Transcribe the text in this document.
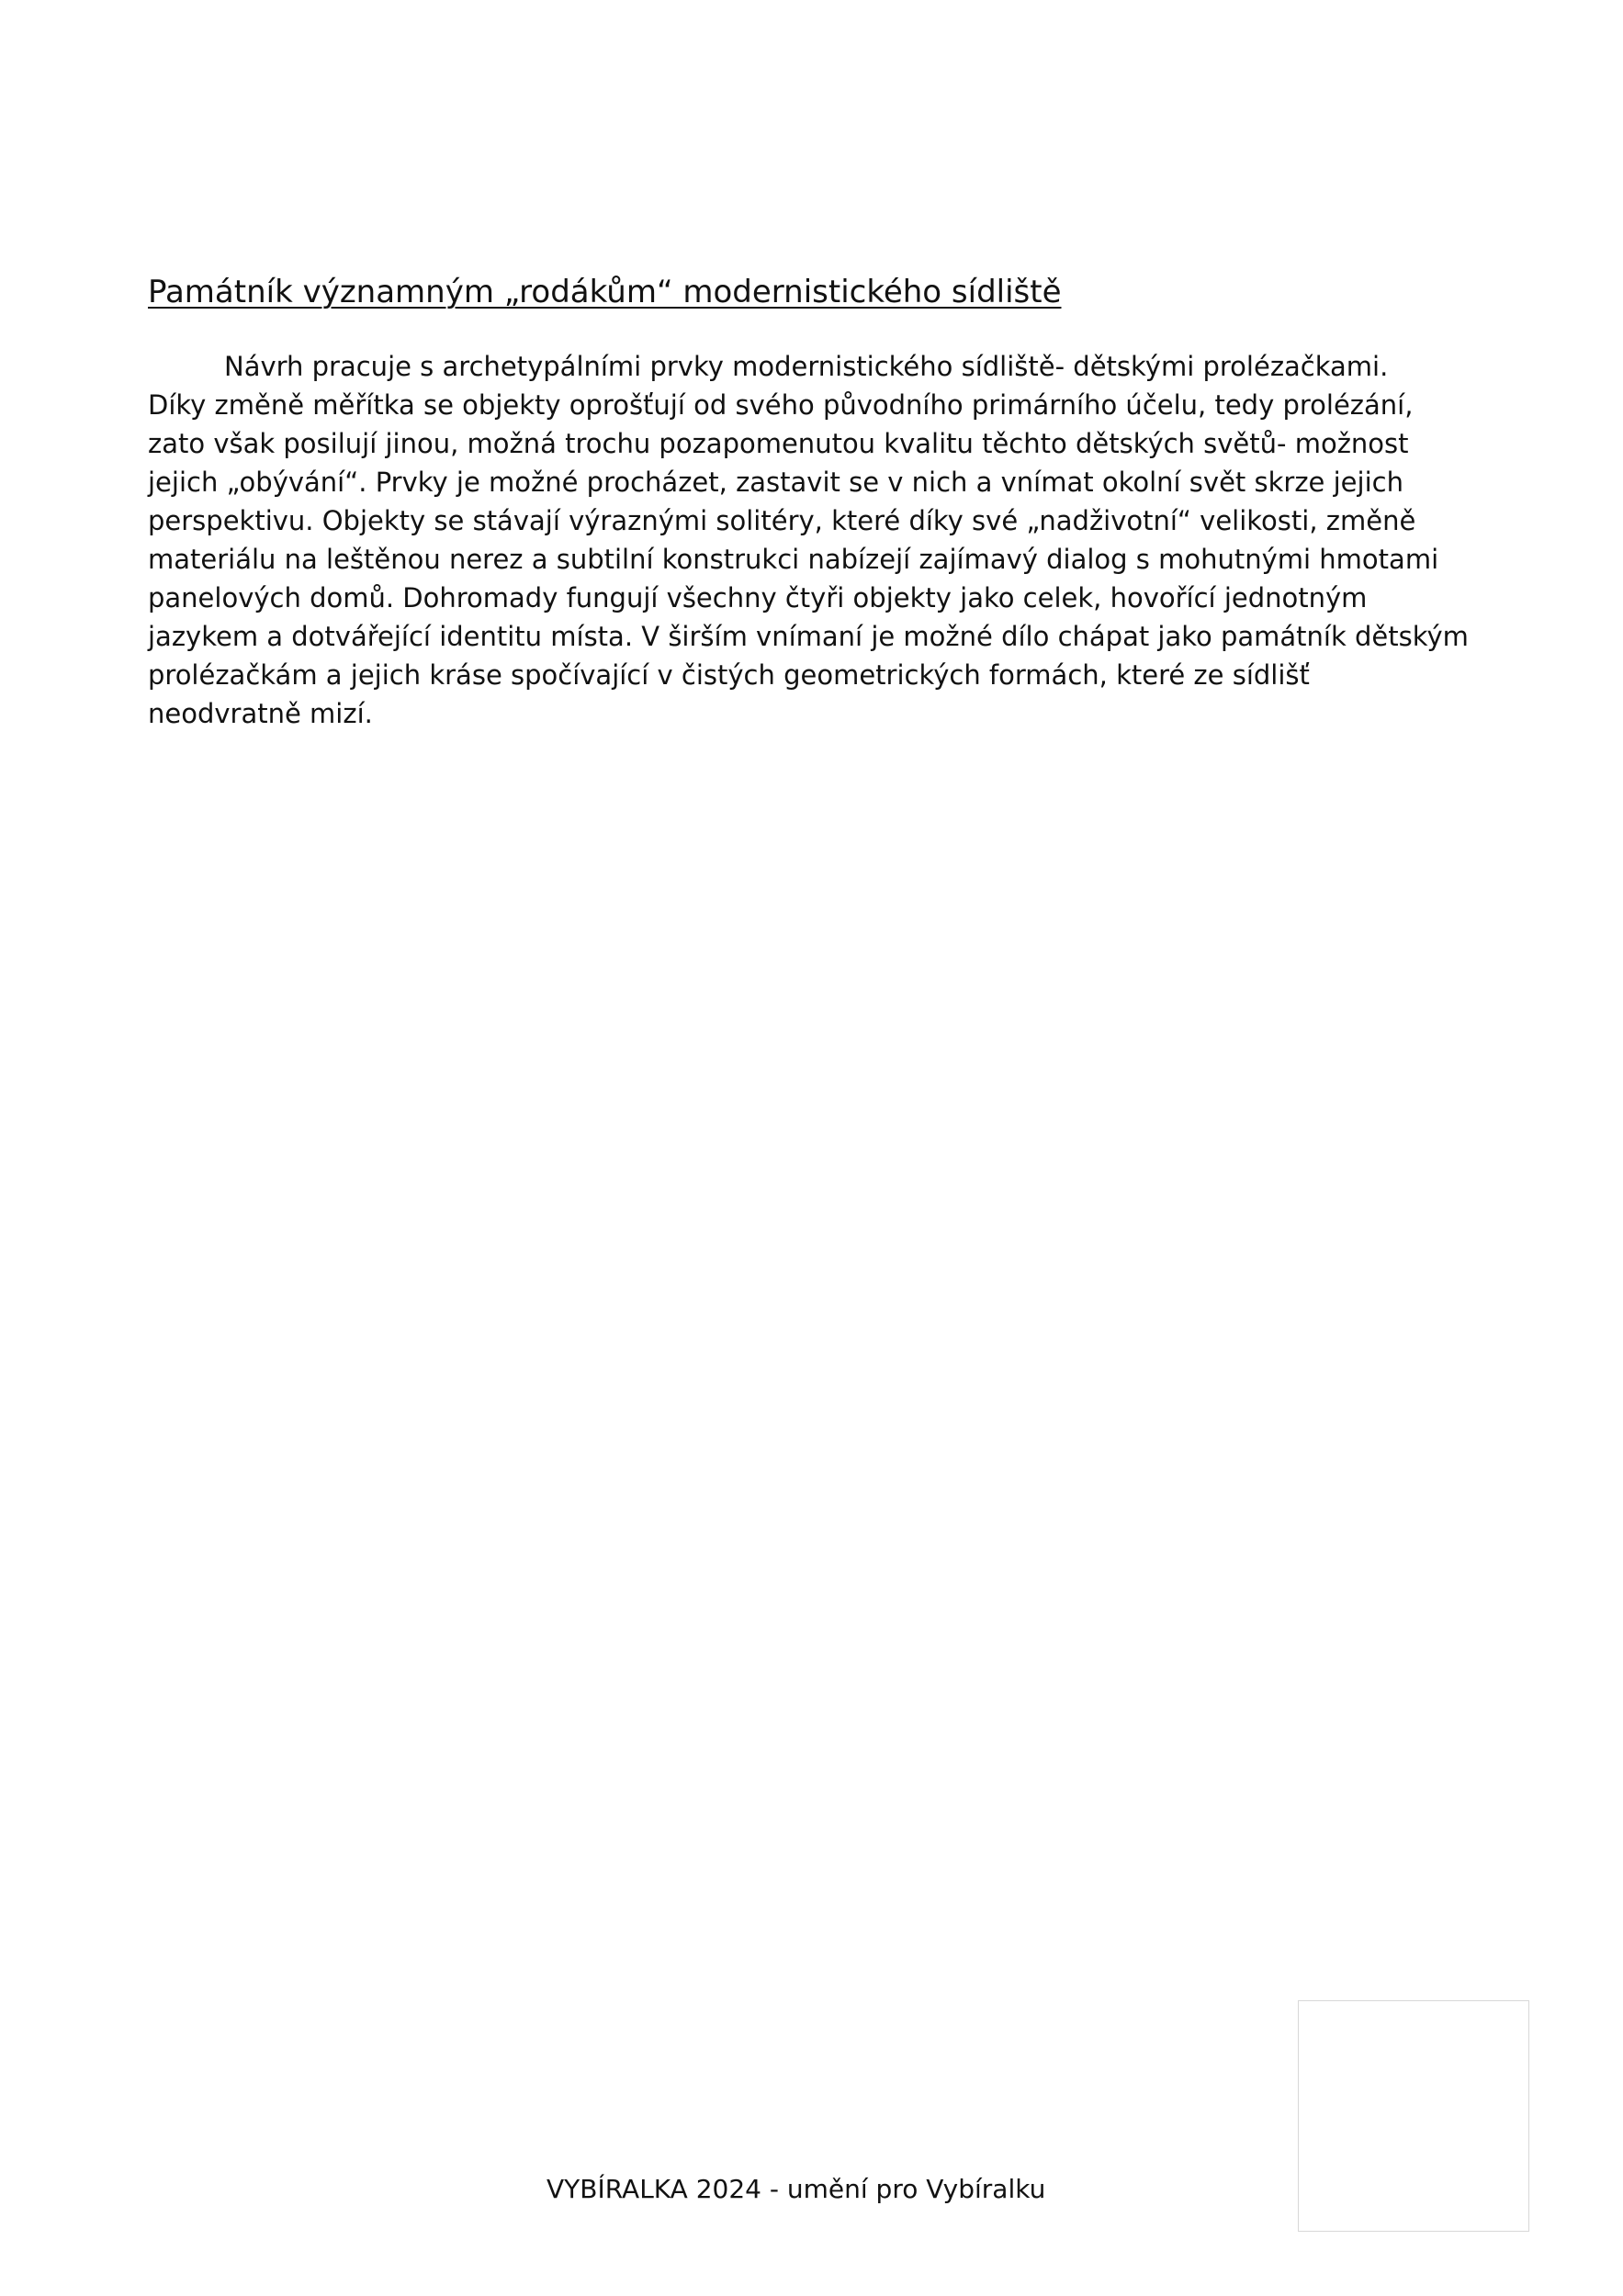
Památník významným „rodákům“ modernistického sídliště

Návrh pracuje s archetypálními prvky modernistického sídliště- dětskými prolézačkami.
Díky změně měřítka se objekty oprošťují od svého původního primárního účelu, tedy prolézání,
zato však posilují jinou, možná trochu pozapomenutou kvalitu těchto dětských světů- možnost
jejich „obývání“. Prvky je možné procházet, zastavit se v nich a vnímat okolní svět skrze jejich
perspektivu. Objekty se stávají výraznými solitéry, které díky své „nadživotní“ velikosti, změně
materiálu na leštěnou nerez a subtilní konstrukci nabízejí zajímavý dialog s mohutnými hmotami
panelových domů. Dohromady fungují všechny čtyři objekty jako celek, hovořící jednotným
jazykem a dotvářející identitu místa. V širším vnímaní je možné dílo chápat jako památník dětským
prolézačkám a jejich kráse spočívající v čistých geometrických formách, které ze sídlišť
neodvratně mizí.

VYBÍRALKA 2024 - umění pro Vybíralku
